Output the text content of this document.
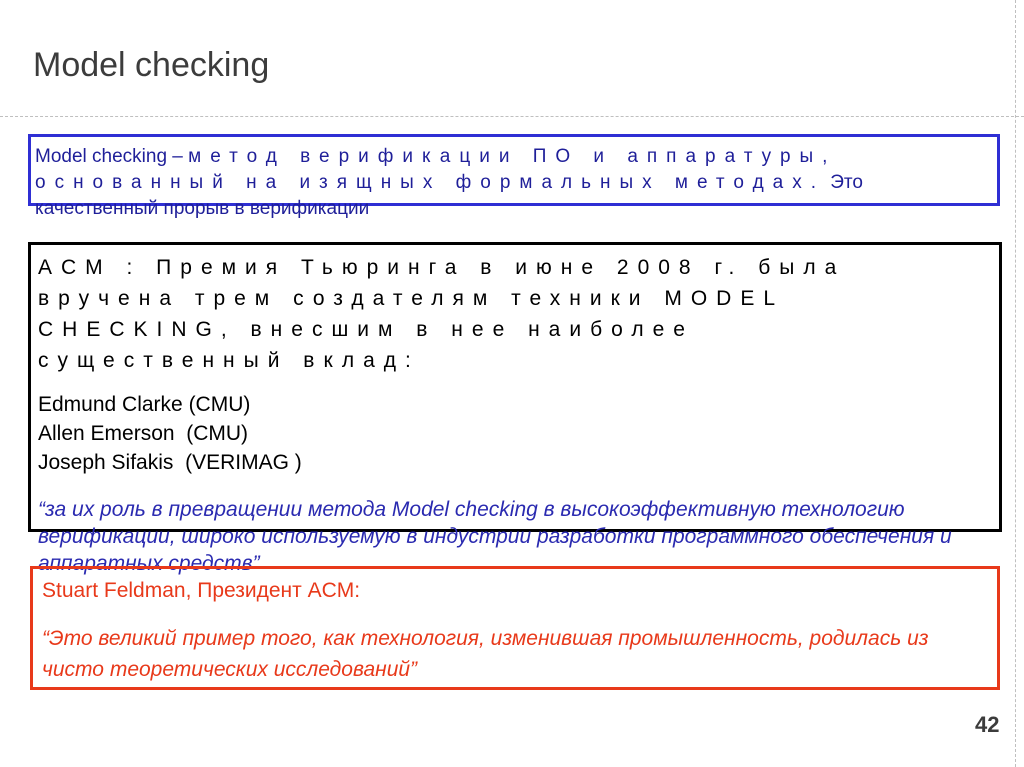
Model checking
Model checking – метод верификации ПО и аппаратуры, основанный на изящных формальных методах. Это качественный прорыв в верификации
ACM : Премия Тьюринга в июне 2008 г. была вручена трем создателям техники MODEL CHECKING, внесшим в нее наиболее существенный вклад:
Edmund Clarke (CMU)
Allen Emerson  (CMU)
Joseph Sifakis  (VERIMAG )
“за их роль в превращении метода Model checking в высокоэффективную технологию верификации, широко используемую в индустрии разработки программного обеспечения и аппаратных средств”
Stuart Feldman, Президент ACM:
“Это великий пример того, как технология, изменившая промышленность, родилась из чисто теоретических исследований”
42
